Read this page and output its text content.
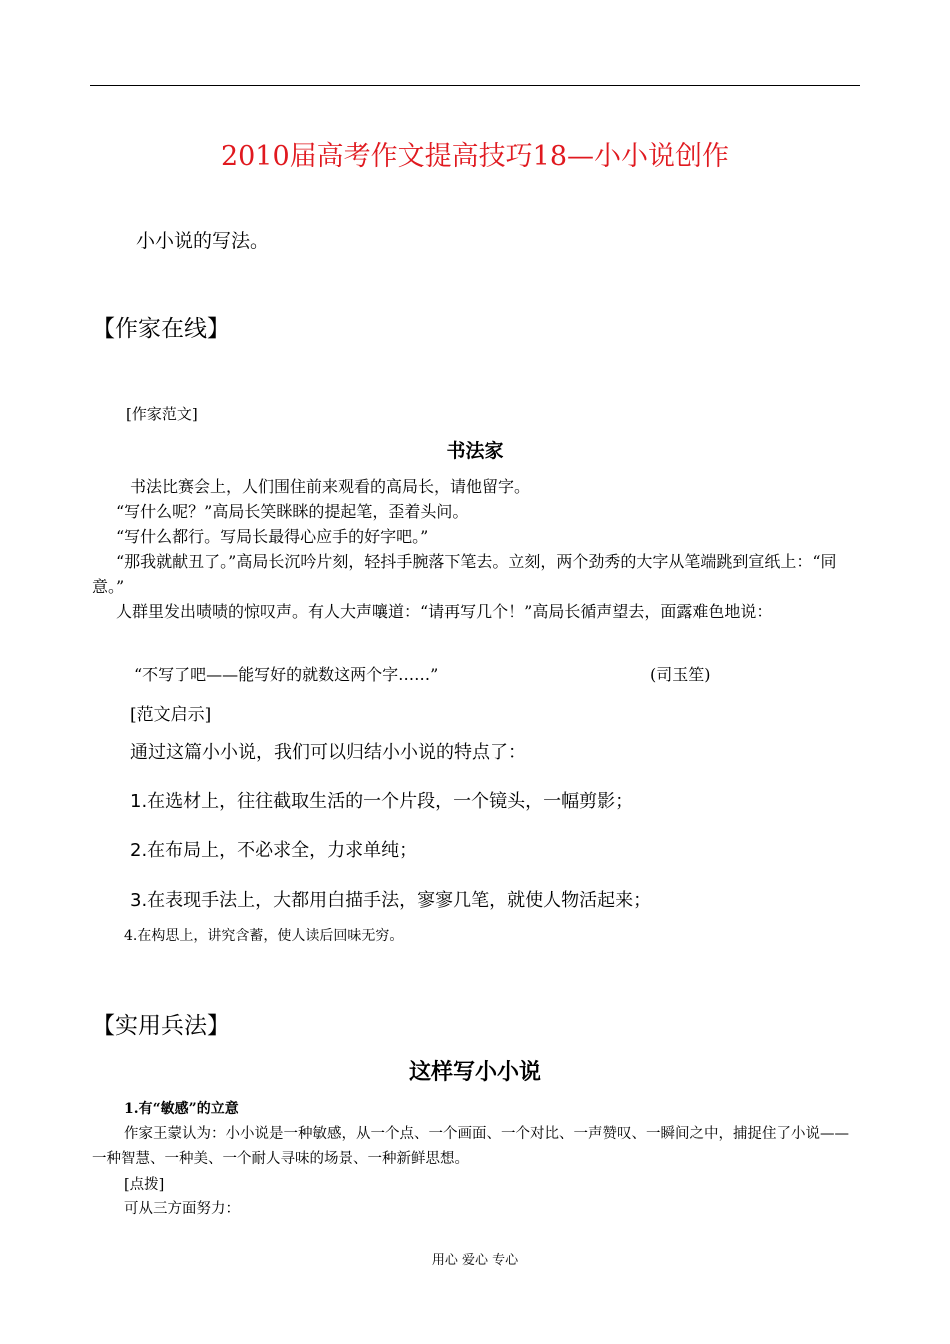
2010届高考作文提高技巧18—小小说创作
小小说的写法。
【作家在线】
[作家范文]
书法家
书法比赛会上，人们围住前来观看的高局长，请他留字。
“写什么呢？”高局长笑眯眯的提起笔，歪着头问。
“写什么都行。写局长最得心应手的好字吧。”
“那我就献丑了。”高局长沉吟片刻，轻抖手腕落下笔去。立刻，两个劲秀的大字从笔端跳到宣纸上：“同意。”
人群里发出啧啧的惊叹声。有人大声嚷道：“请再写几个！”高局长循声望去，面露难色地说：
“不写了吧——能写好的就数这两个字……”	(司玉笙)
[范文启示]
通过这篇小小说，我们可以归结小小说的特点了：
1.在选材上，往往截取生活的一个片段，一个镜头，一幅剪影；
2.在布局上，不必求全，力求单纯；
3.在表现手法上，大都用白描手法，寥寥几笔，就使人物活起来；
4.在构思上，讲究含蓄，使人读后回味无穷。
【实用兵法】
这样写小小说
1.有“敏感”的立意
作家王蒙认为：小小说是一种敏感，从一个点、一个画面、一个对比、一声赞叹、一瞬间之中，捕捉住了小说——一种智慧、一种美、一个耐人寻味的场景、一种新鲜思想。
[点拨]
可从三方面努力：
用心 爱心 专心
